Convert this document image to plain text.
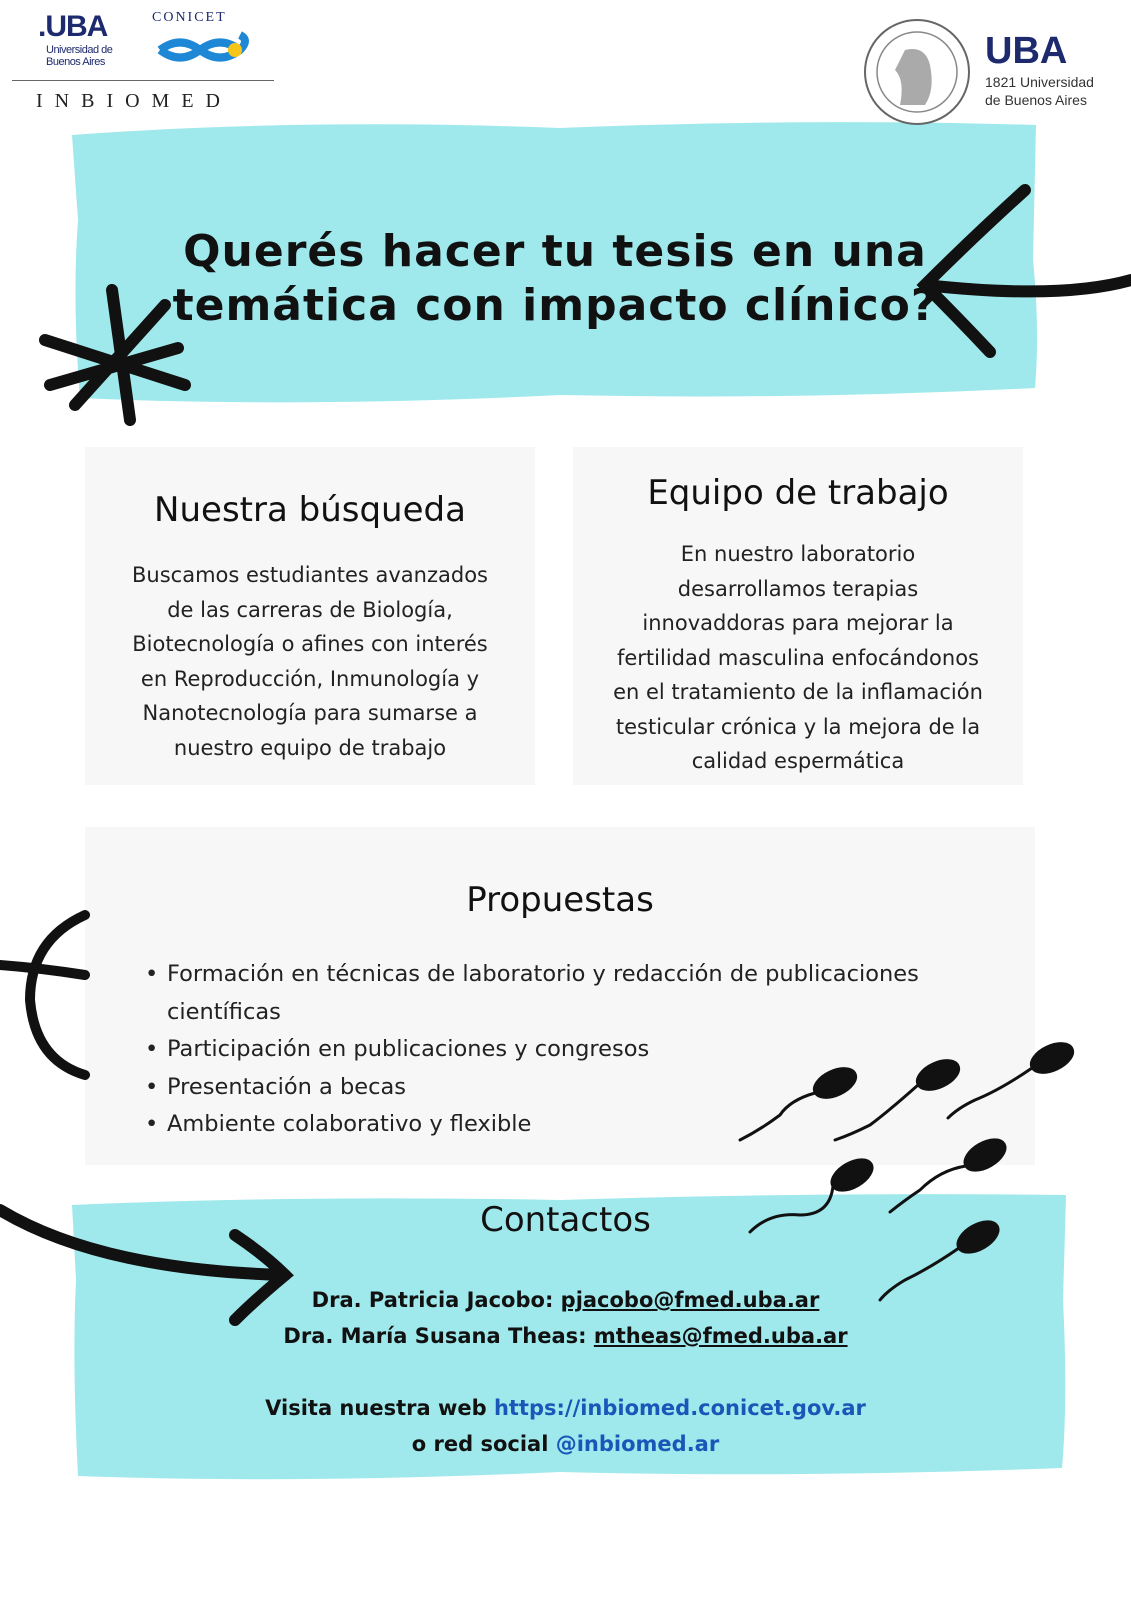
.UBA
Universidad de
Buenos Aires
CONICET
INBIOMED
UBA
1821 Universidad
de Buenos Aires
Querés hacer tu tesis en una
temática con impacto clínico?
Nuestra búsqueda

Buscamos estudiantes avanzados
de las carreras de Biología,
Biotecnología o afines con interés
en Reproducción, Inmunología y
Nanotecnología para sumarse a
nuestro equipo de trabajo

Equipo de trabajo

En nuestro laboratorio
desarrollamos terapias
innovaddoras para mejorar la
fertilidad masculina enfocándonos
en el tratamiento de la inflamación
testicular crónica y la mejora de la
calidad espermática

Propuestas
• Formación en técnicas de laboratorio y redacción de publicaciones científicas
• Participación en publicaciones y congresos
• Presentación a becas
• Ambiente colaborativo y flexible
Contactos
Dra. Patricia Jacobo: pjacobo@fmed.uba.ar
Dra. María Susana Theas: mtheas@fmed.uba.ar
Visita nuestra web https://inbiomed.conicet.gov.ar
o red social @inbiomed.ar
